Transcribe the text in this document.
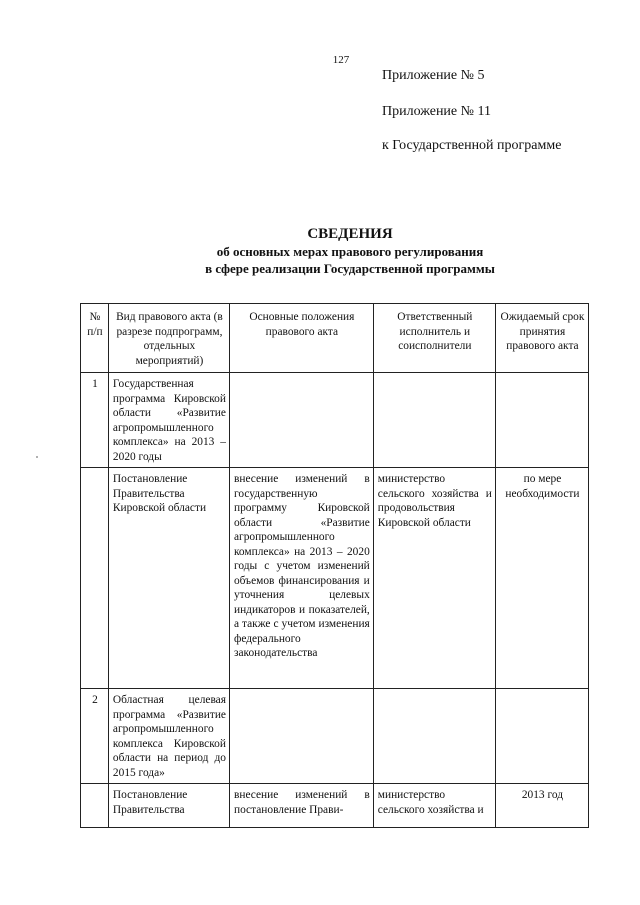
127
Приложение № 5
Приложение № 11
к Государственной программе
СВЕДЕНИЯ
об основных мерах правового регулирования
в сфере реализации Государственной программы
№ п/п	Вид правового акта (в разрезе подпрограмм, отдельных мероприятий)	Основные положения правового акта	Ответственный исполнитель и соисполнители	Ожидаемый срок принятия правового акта
1	Государственная программа Кировской области «Развитие агропромышленного комплекса» на 2013 – 2020 годы			
	Постановление Правительства Кировской области	внесение изменений в государственную программу Кировской области «Развитие агропромышленного комплекса» на 2013 – 2020 годы с учетом изменений объемов финансирования и уточнения целевых индикаторов и показателей, а также с учетом изменения федерального законодательства	министерство сельского хозяйства и продовольствия Кировской области	по мере необходимости
2	Областная целевая программа «Развитие агропромышленного комплекса Кировской области на период до 2015 года»			
	Постановление Правительства	внесение изменений в постановление Прави-	министерство сельского хозяйства и	2013 год
